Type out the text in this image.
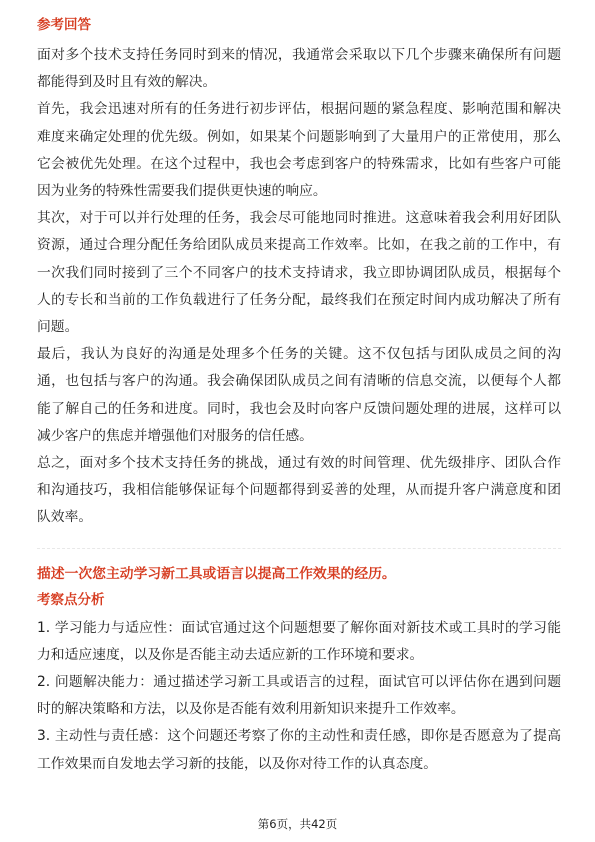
参考回答

面对多个技术支持任务同时到来的情况，我通常会采取以下几个步骤来确保所有问题都能得到及时且有效的解决。

首先，我会迅速对所有的任务进行初步评估，根据问题的紧急程度、影响范围和解决难度来确定处理的优先级。例如，如果某个问题影响到了大量用户的正常使用，那么它会被优先处理。在这个过程中，我也会考虑到客户的特殊需求，比如有些客户可能因为业务的特殊性需要我们提供更快速的响应。

其次，对于可以并行处理的任务，我会尽可能地同时推进。这意味着我会利用好团队资源，通过合理分配任务给团队成员来提高工作效率。比如，在我之前的工作中，有一次我们同时接到了三个不同客户的技术支持请求，我立即协调团队成员，根据每个人的专长和当前的工作负载进行了任务分配，最终我们在预定时间内成功解决了所有问题。

最后，我认为良好的沟通是处理多个任务的关键。这不仅包括与团队成员之间的沟通，也包括与客户的沟通。我会确保团队成员之间有清晰的信息交流，以便每个人都能了解自己的任务和进度。同时，我也会及时向客户反馈问题处理的进展，这样可以减少客户的焦虑并增强他们对服务的信任感。

总之，面对多个技术支持任务的挑战，通过有效的时间管理、优先级排序、团队合作和沟通技巧，我相信能够保证每个问题都得到妥善的处理，从而提升客户满意度和团队效率。

描述一次您主动学习新工具或语言以提高工作效果的经历。
考察点分析

1. 学习能力与适应性：面试官通过这个问题想要了解你面对新技术或工具时的学习能力和适应速度，以及你是否能主动去适应新的工作环境和要求。

2. 问题解决能力：通过描述学习新工具或语言的过程，面试官可以评估你在遇到问题时的解决策略和方法，以及你是否能有效利用新知识来提升工作效率。

3. 主动性与责任感：这个问题还考察了你的主动性和责任感，即你是否愿意为了提高工作效果而自发地去学习新的技能，以及你对待工作的认真态度。

第6页，共42页
